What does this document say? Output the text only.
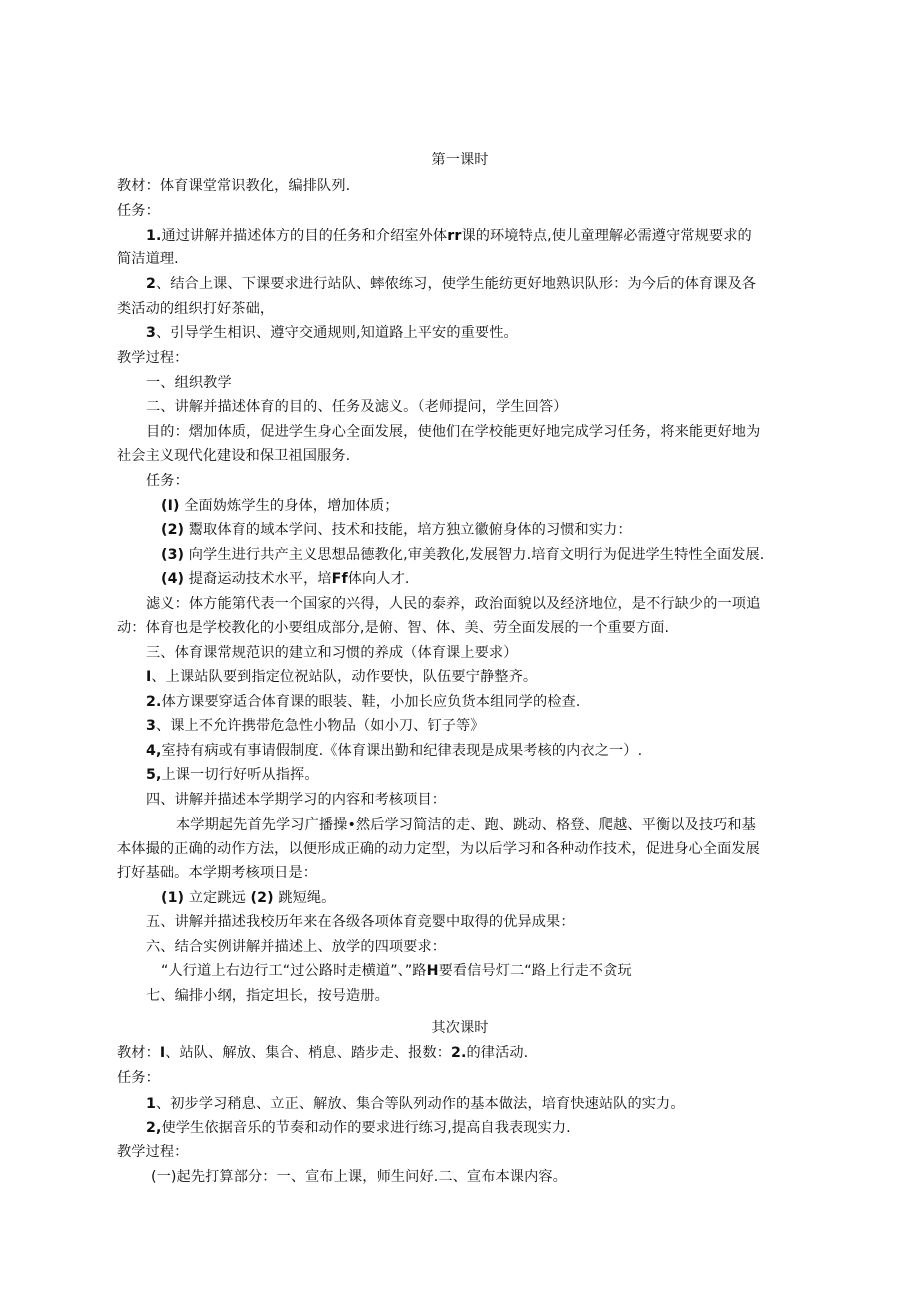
第一课时
教材：体育课堂常识教化，编排队列.
任务：
1.通过讲解并描述体方的目的任务和介绍室外体rr课的环境特点,使儿童理解必需遵守常规要求的
简洁道理.
2、结合上课、下课要求进行站队、蟀侬练习，使学生能纺更好地熟识队形：为今后的体育课及各
类活动的组织打好茶础，
3、引导学生相识、遵守交通规则,知道路上平安的重要性。
教学过程：
一、组织教学
二、讲解并描述体育的目的、任务及滤义。（老师提问，学生回答）
目的：熠加体质，促进学生身心全面发展，使他们在学校能更好地完成学习任务，将来能更好地为
社会主义现代化建设和保卫祖国服务.
任务：
(I) 全面妫炼学生的身体，增加体质；
(2) 鬻取体育的域本学问、技术和技能，培方独立徽俯身体的习惯和实力：
(3) 向学生进行共产主义思想品德教化,审美教化,发展智力.培育文明行为促进学生特性全面发展.
(4) 提裔运动技术水平，培Ff体向人才.
滤义：体方能第代表一个国家的兴得，人民的泰养，政治面貌以及经济地位，是不行缺少的一项追
动：体育也是学校教化的小要组成部分,是俯、智、体、美、劳全面发展的一个重要方面.
三、体育课常规范识的建立和习惯的养成（体育课上要求）
I、上课站队要到指定位祝站队，动作要快，队伍要宁静整齐。
2.体方课要穿适合体育课的眼装、鞋，小加长应负货本组同学的检查.
3、课上不允许携带危急性小物品（如小刀、钉子等》
4,室持有病或有事请假制度.《体育课出勤和纪律表现是成果考核的内衣之一）.
5,上课一切行好听从指挥。
四、讲解并描述本学期学习的内容和考核项目：
本学期起先首先学习广播操•然后学习简洁的走、跑、跳动、格登、爬越、平衡以及技巧和基
本体撮的正确的动作方法，以便形成正确的动力定型，为以后学习和各种动作技术，促进身心全面发展
打好基础。本学期考核项日是：
(1) 立定跳远 (2) 跳短绳。
五、讲解并描述我校历年来在各级各项体育竞婴中取得的优异成果：
六、结合实例讲解并描述上、放学的四项要求：
“人行道上右边行工“过公路时走横道”、”路H要看信号灯二“路上行走不贪玩
七、编排小纲，指定坦长，按号造册。
其次课时
教材：I、站队、解放、集合、梢息、踏步走、报数：2.的律活动.
任务：
1、初步学习稍息、立正、解放、集合等队列动作的基本做法，培育快速站队的实力。
2,使学生依据音乐的节奏和动作的要求进行练习,提高自我表现实力.
教学过程：
(一)起先打算部分：一、宣布上课，师生问好.二、宣布本课内容。
